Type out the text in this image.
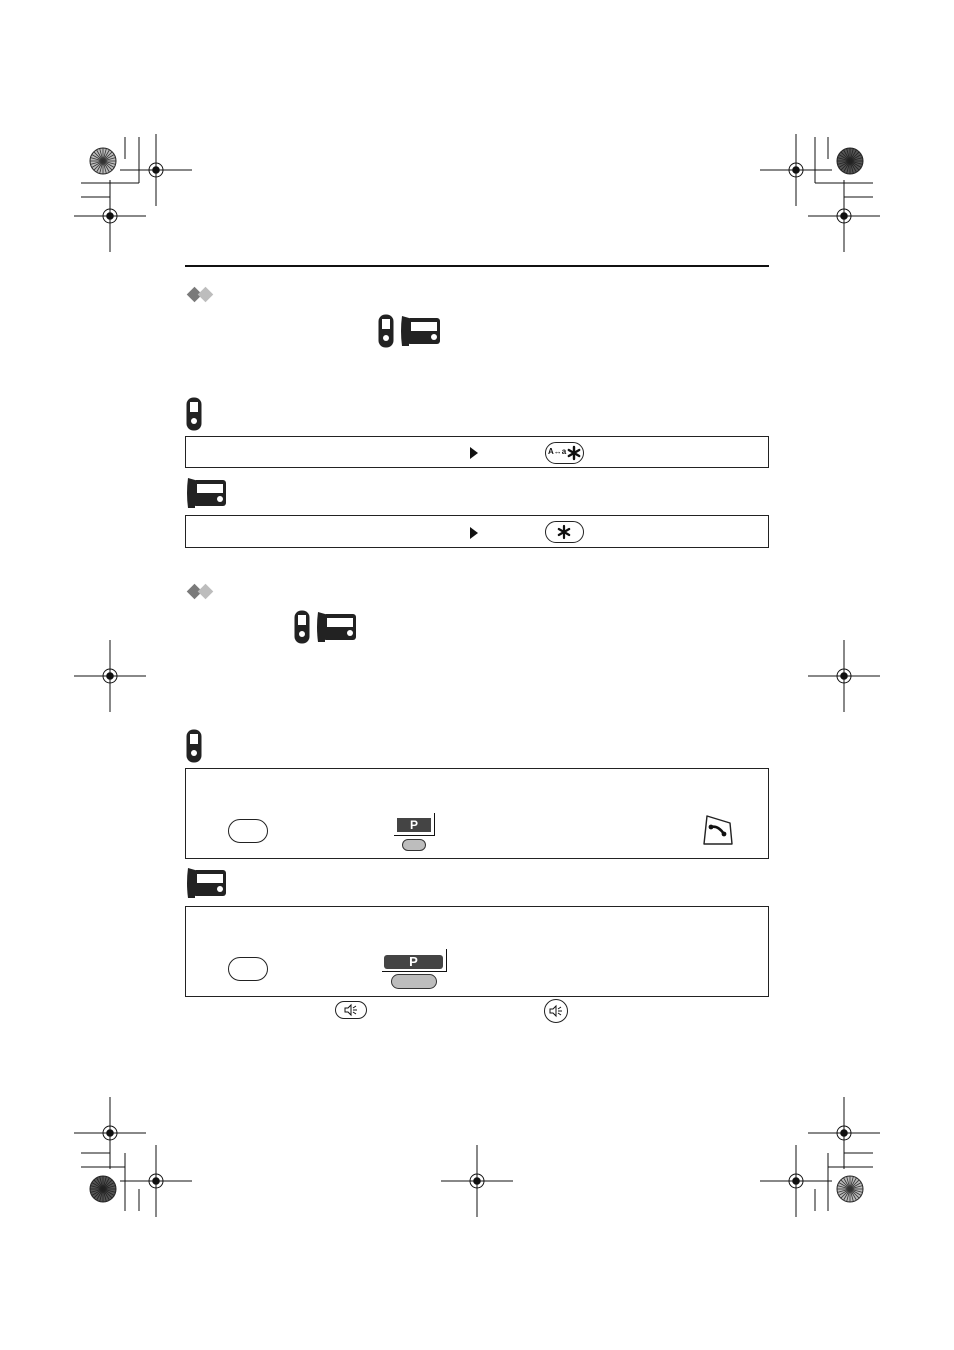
A↔a
P
P
